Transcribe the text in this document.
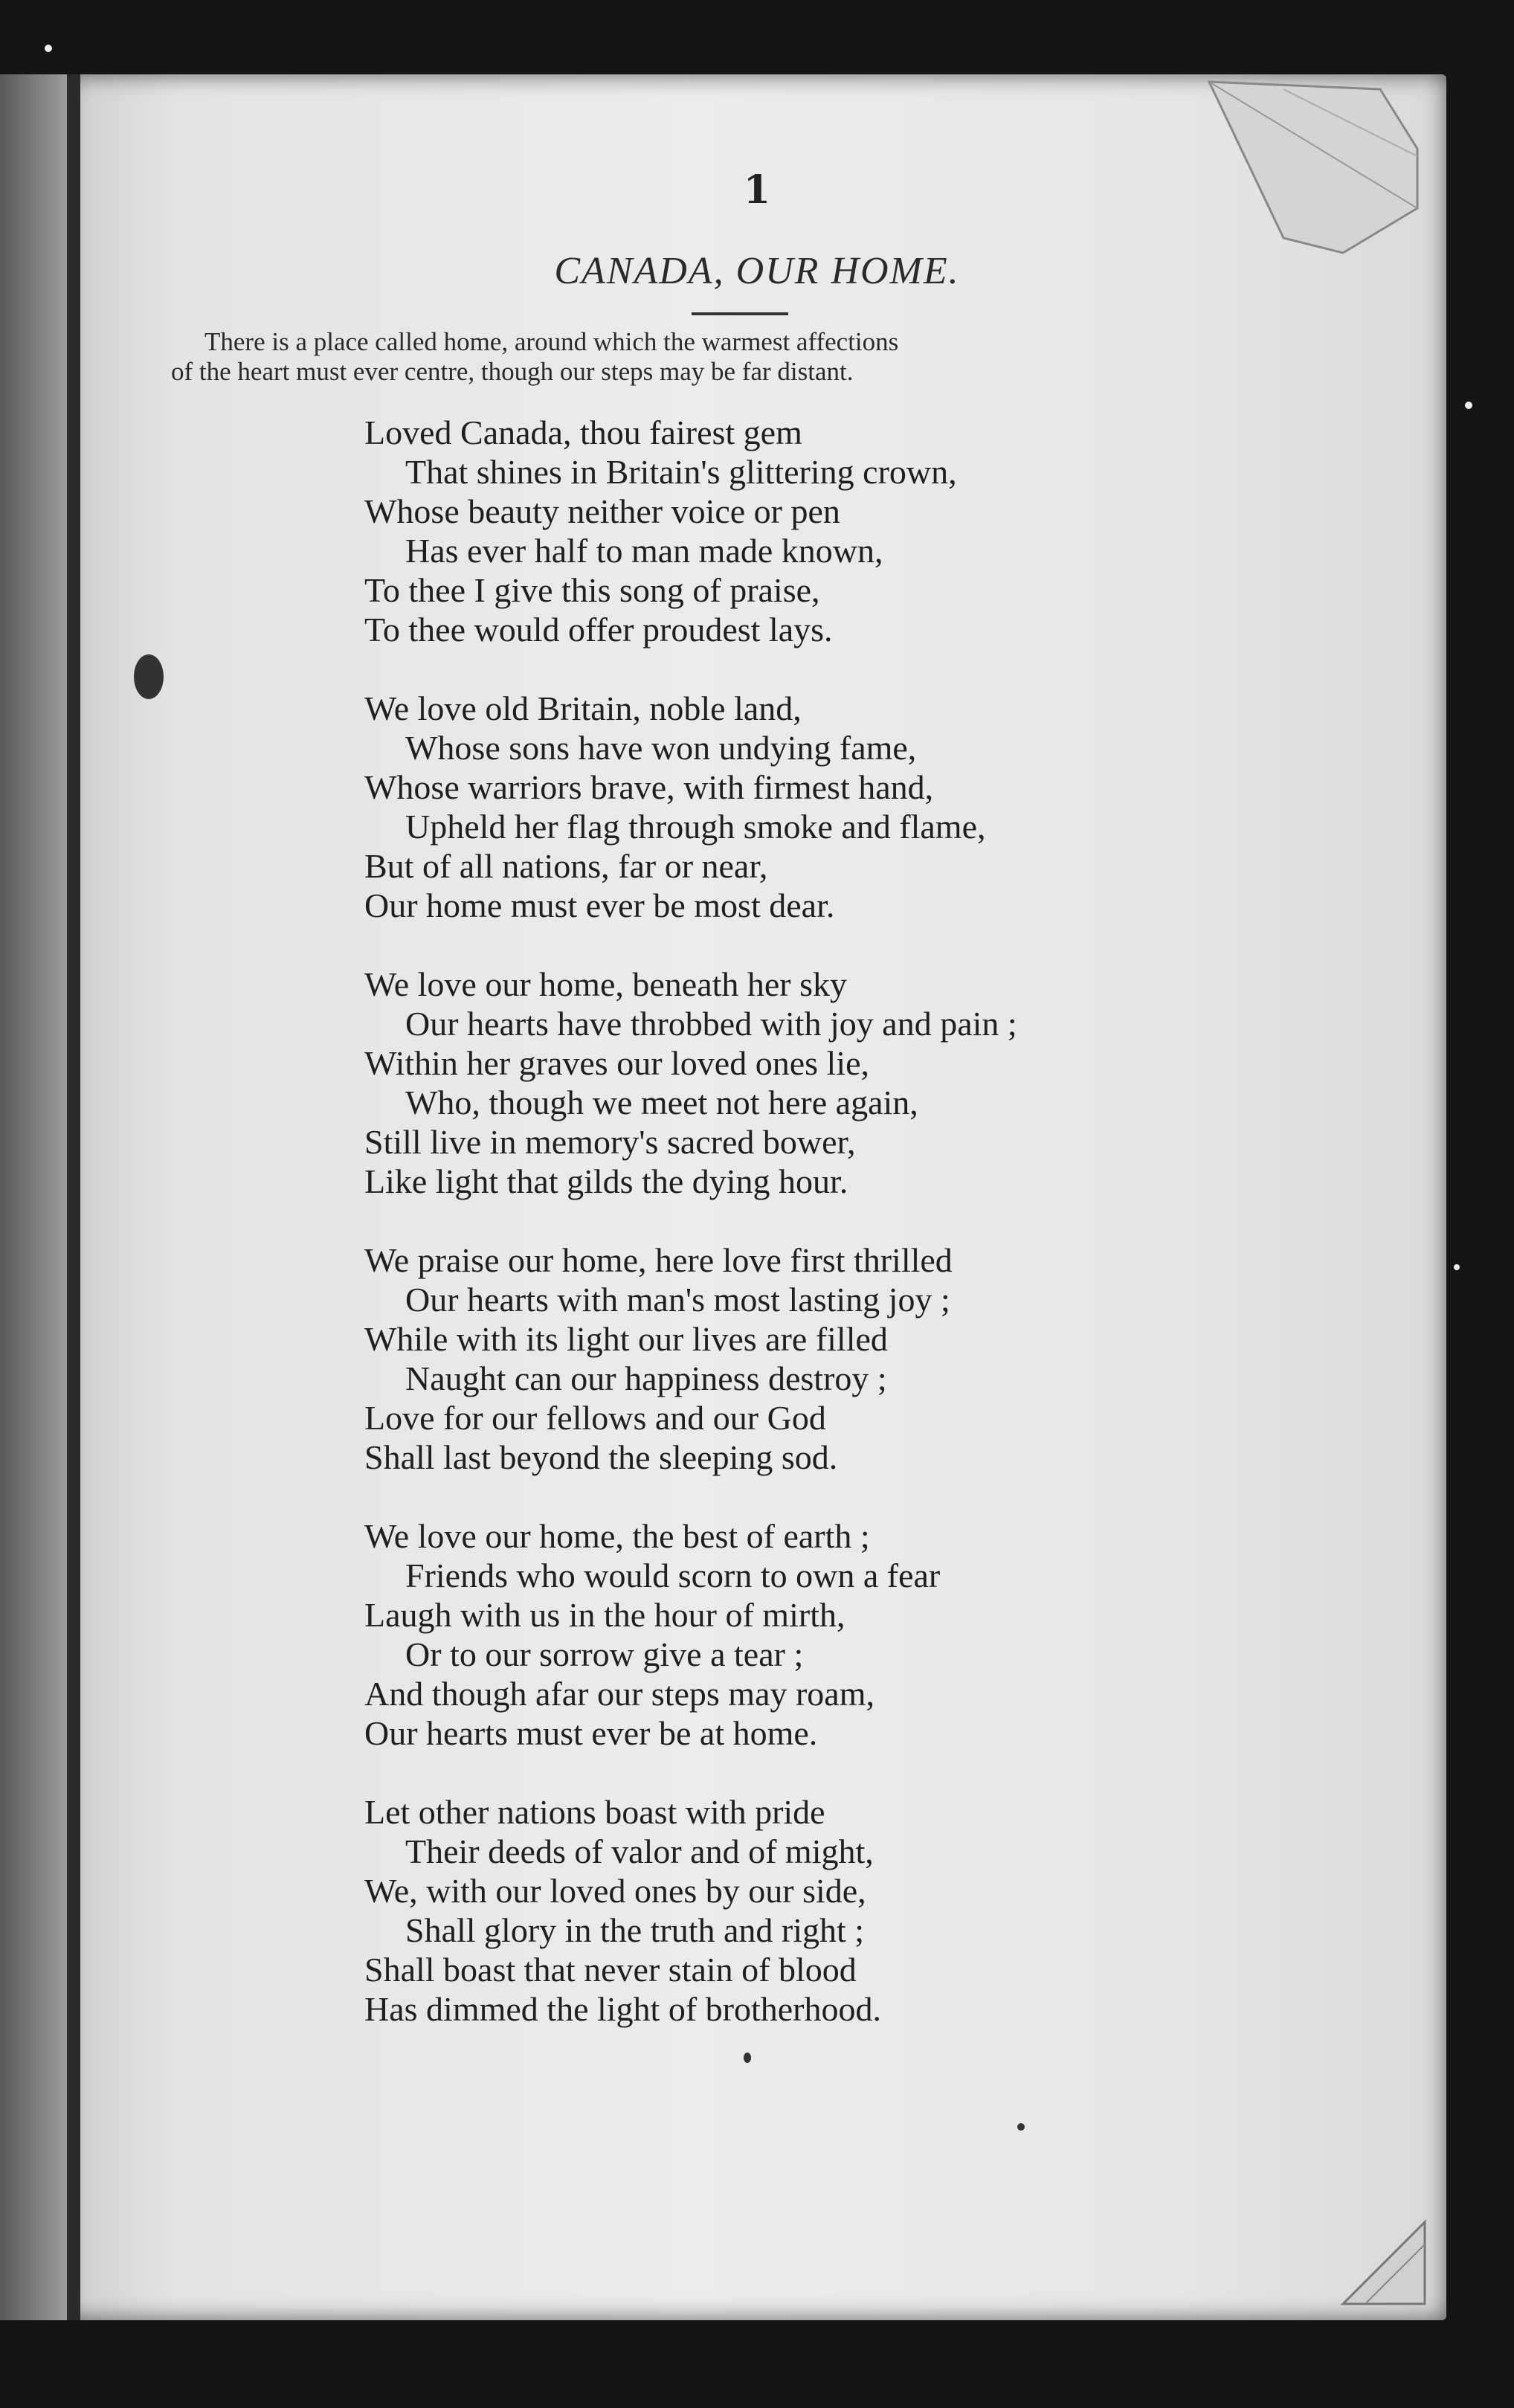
1
CANADA, OUR HOME.
There is a place called home, around which the warmest affections
of the heart must ever centre, though our steps may be far distant.
Loved Canada, thou fairest gem
That shines in Britain's glittering crown,
Whose beauty neither voice or pen
Has ever half to man made known,
To thee I give this song of praise,
To thee would offer proudest lays.
We love old Britain, noble land,
Whose sons have won undying fame,
Whose warriors brave, with firmest hand,
Upheld her flag through smoke and flame,
But of all nations, far or near,
Our home must ever be most dear.
We love our home, beneath her sky
Our hearts have throbbed with joy and pain ;
Within her graves our loved ones lie,
Who, though we meet not here again,
Still live in memory's sacred bower,
Like light that gilds the dying hour.
We praise our home, here love first thrilled
Our hearts with man's most lasting joy ;
While with its light our lives are filled
Naught can our happiness destroy ;
Love for our fellows and our God
Shall last beyond the sleeping sod.
We love our home, the best of earth ;
Friends who would scorn to own a fear
Laugh with us in the hour of mirth,
Or to our sorrow give a tear ;
And though afar our steps may roam,
Our hearts must ever be at home.
Let other nations boast with pride
Their deeds of valor and of might,
We, with our loved ones by our side,
Shall glory in the truth and right ;
Shall boast that never stain of blood
Has dimmed the light of brotherhood.
